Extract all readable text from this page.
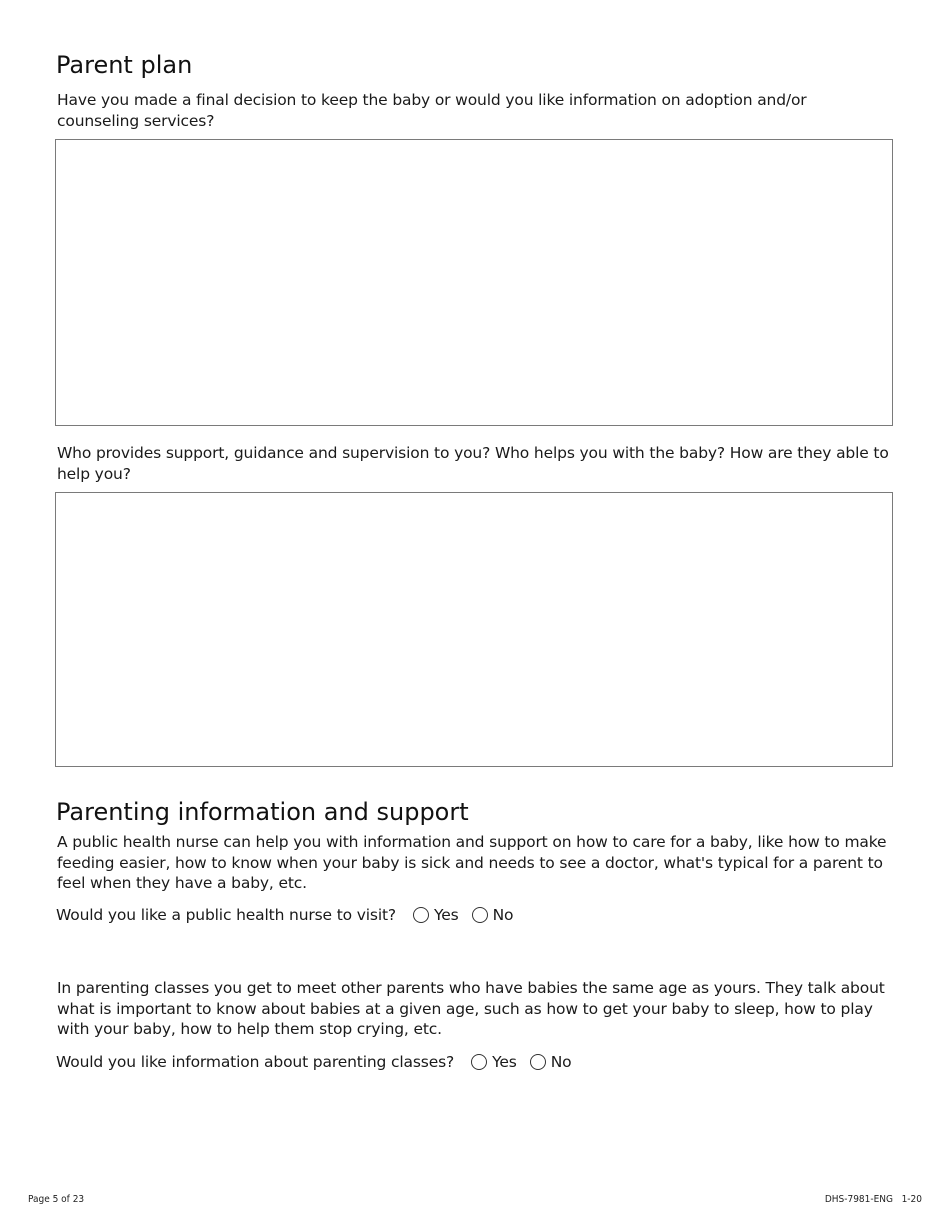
Parent plan

Have you made a final decision to keep the baby or would you like information on adoption and/or counseling services?

Who provides support, guidance and supervision to you? Who helps you with the baby? How are they able to help you?

Parenting information and support

A public health nurse can help you with information and support on how to care for a baby, like how to make feeding easier, how to know when your baby is sick and needs to see a doctor, what's typical for a parent to feel when they have a baby, etc.

Would you like a public health nurse to visit? Yes No

In parenting classes you get to meet other parents who have babies the same age as yours. They talk about what is important to know about babies at a given age, such as how to get your baby to sleep, how to play with your baby, how to help them stop crying, etc.

Would you like information about parenting classes? Yes No
Page 5 of 23	DHS-7981-ENG   1-20
